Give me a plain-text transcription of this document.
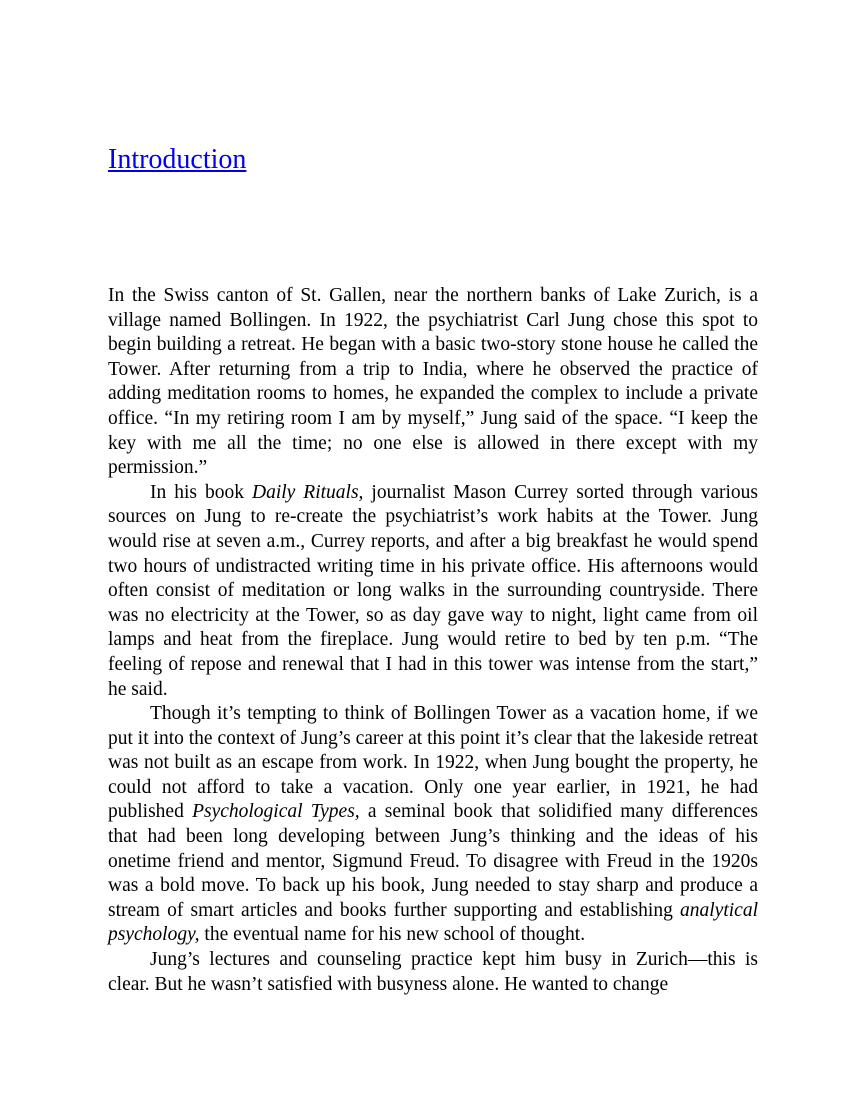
Introduction

In the Swiss canton of St. Gallen, near the northern banks of Lake Zurich, is a village named Bollingen. In 1922, the psychiatrist Carl Jung chose this spot to begin building a retreat. He began with a basic two-story stone house he called the Tower. After returning from a trip to India, where he observed the practice of adding meditation rooms to homes, he expanded the complex to include a private office. “In my retiring room I am by myself,” Jung said of the space. “I keep the key with me all the time; no one else is allowed in there except with my permission.”

In his book Daily Rituals, journalist Mason Currey sorted through various sources on Jung to re-create the psychiatrist’s work habits at the Tower. Jung would rise at seven a.m., Currey reports, and after a big breakfast he would spend two hours of undistracted writing time in his private office. His afternoons would often consist of meditation or long walks in the surrounding countryside. There was no electricity at the Tower, so as day gave way to night, light came from oil lamps and heat from the fireplace. Jung would retire to bed by ten p.m. “The feeling of repose and renewal that I had in this tower was intense from the start,” he said.

Though it’s tempting to think of Bollingen Tower as a vacation home, if we put it into the context of Jung’s career at this point it’s clear that the lakeside retreat was not built as an escape from work. In 1922, when Jung bought the property, he could not afford to take a vacation. Only one year earlier, in 1921, he had published Psychological Types, a seminal book that solidified many differences that had been long developing between Jung’s thinking and the ideas of his onetime friend and mentor, Sigmund Freud. To disagree with Freud in the 1920s was a bold move. To back up his book, Jung needed to stay sharp and produce a stream of smart articles and books further supporting and establishing analytical psychology, the eventual name for his new school of thought.

Jung’s lectures and counseling practice kept him busy in Zurich—this is clear. But he wasn’t satisfied with busyness alone. He wanted to change
